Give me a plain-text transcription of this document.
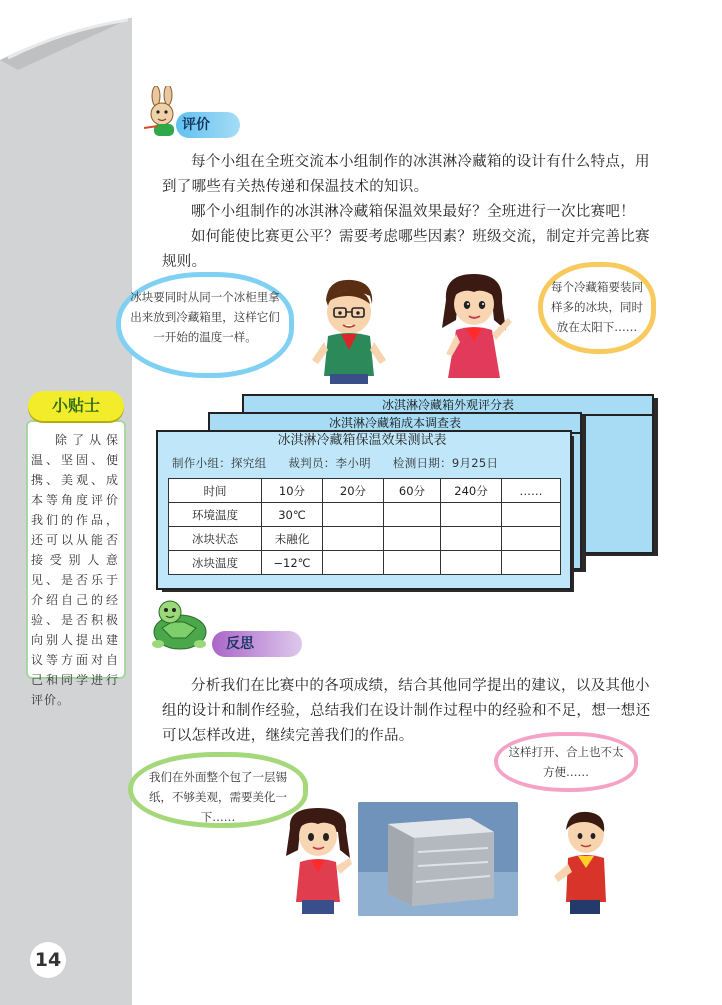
小贴士
除了从保温、坚固、便携、美观、成本等角度评价我们的作品，还可以从能否接受别人意见、是否乐于介绍自己的经验、是否积极向别人提出建议等方面对自己和同学进行评价。
14
评价
每个小组在全班交流本小组制作的冰淇淋冷藏箱的设计有什么特点，用到了哪些有关热传递和保温技术的知识。
哪个小组制作的冰淇淋冷藏箱保温效果最好？全班进行一次比赛吧！
如何能使比赛更公平？需要考虑哪些因素？班级交流，制定并完善比赛规则。
冰块要同时从同一个冰柜里拿出来放到冷藏箱里，这样它们一开始的温度一样。
每个冷藏箱要装同样多的冰块，同时放在太阳下……
冰淇淋冷藏箱外观评分表
冰淇淋冷藏箱成本调查表
冰淇淋冷藏箱保温效果测试表
制作小组：探究组 裁判员：李小明 检测日期：9月25日
时间	10分	20分	60分	240分	……
环境温度	30℃				
冰块状态	未融化				
冰块温度	−12℃				
反思
分析我们在比赛中的各项成绩，结合其他同学提出的建议，以及其他小组的设计和制作经验，总结我们在设计制作过程中的经验和不足，想一想还可以怎样改进，继续完善我们的作品。
我们在外面整个包了一层锡纸，不够美观，需要美化一下……
这样打开、合上也不太方便……
